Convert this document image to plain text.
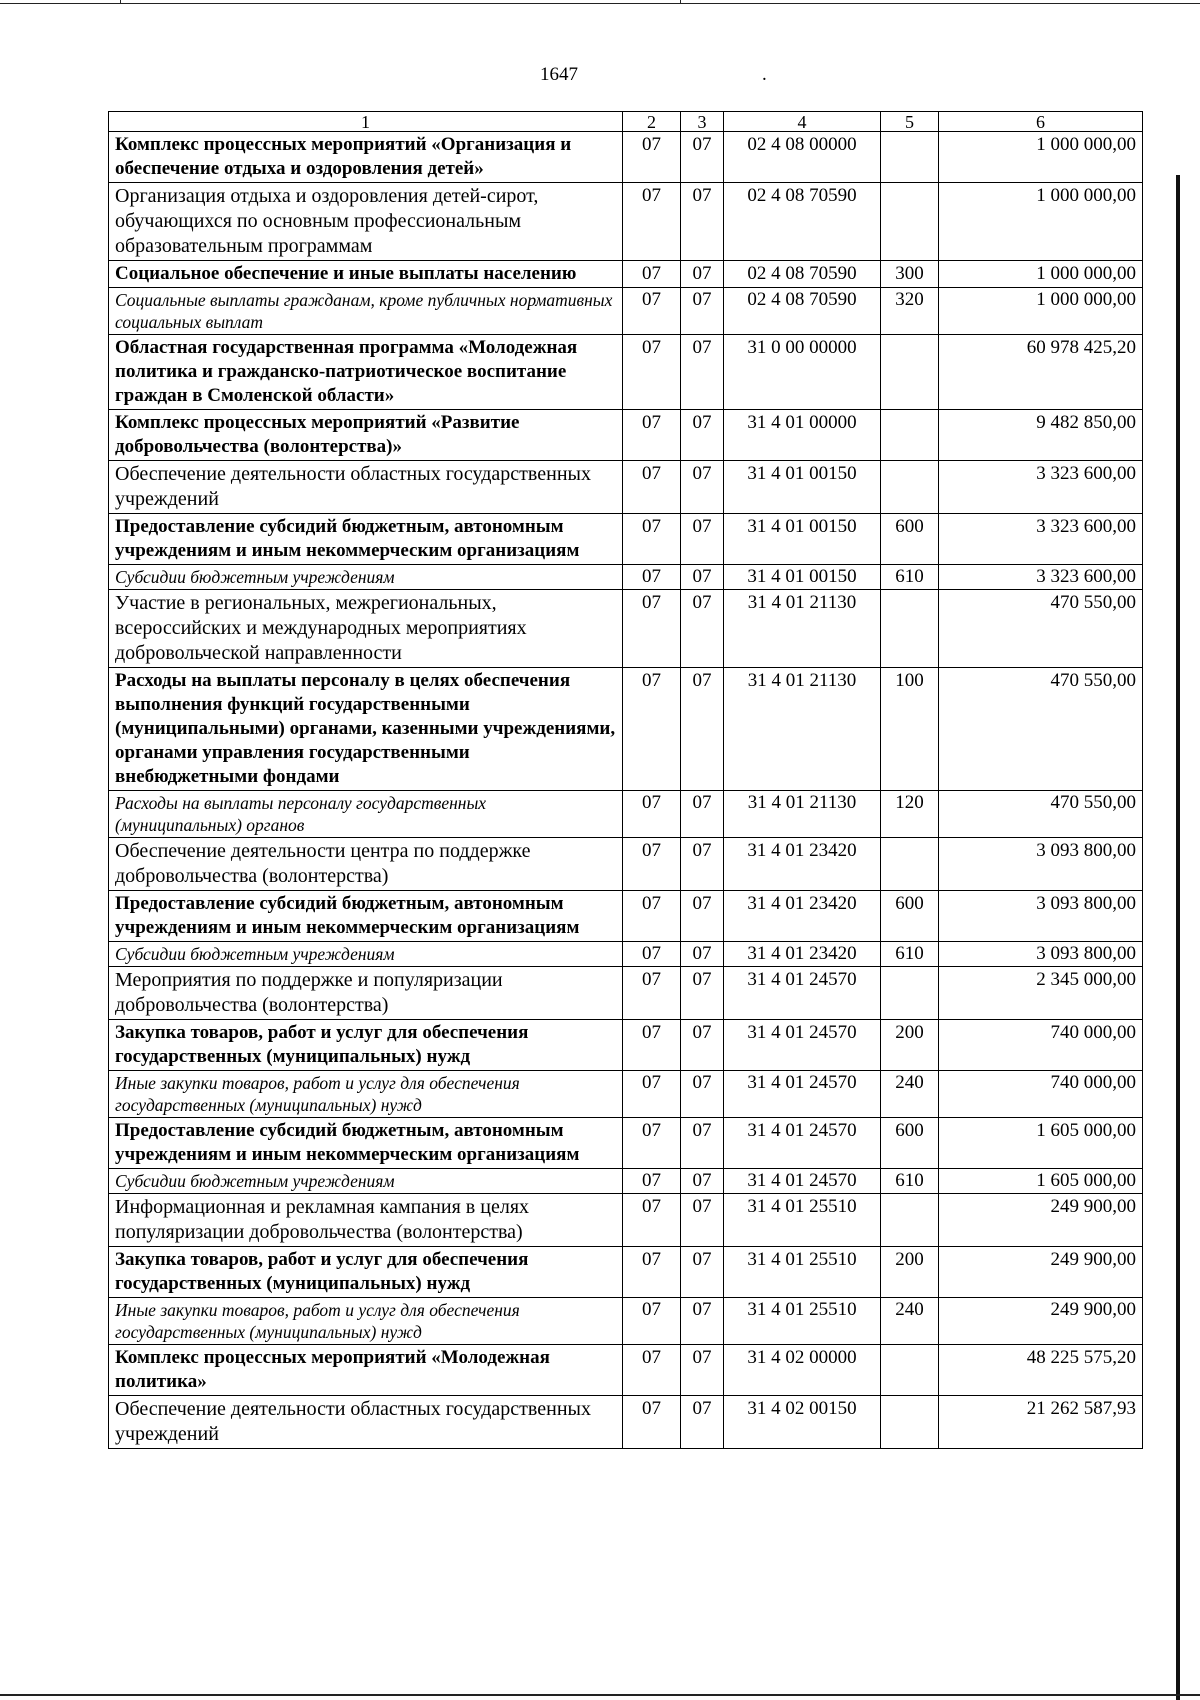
1647	.
1	2	3	4	5	6
Комплекс процессных мероприятий «Организация и обеспечение отдыха и оздоровления детей»	07	07	02 4 08 00000		1 000 000,00
Организация отдыха и оздоровления детей-сирот, обучающихся по основным профессиональным образовательным программам	07	07	02 4 08 70590		1 000 000,00
Социальное обеспечение и иные выплаты населению	07	07	02 4 08 70590	300	1 000 000,00
Социальные выплаты гражданам, кроме публичных нормативных социальных выплат	07	07	02 4 08 70590	320	1 000 000,00
Областная государственная программа «Молодежная политика и гражданско-патриотическое воспитание граждан в Смоленской области»	07	07	31 0 00 00000		60 978 425,20
Комплекс процессных мероприятий «Развитие добровольчества (волонтерства)»	07	07	31 4 01 00000		9 482 850,00
Обеспечение деятельности областных государственных учреждений	07	07	31 4 01 00150		3 323 600,00
Предоставление субсидий бюджетным, автономным учреждениям и иным некоммерческим организациям	07	07	31 4 01 00150	600	3 323 600,00
Субсидии бюджетным учреждениям	07	07	31 4 01 00150	610	3 323 600,00
Участие в региональных, межрегиональных, всероссийских и международных мероприятиях добровольческой направленности	07	07	31 4 01 21130		470 550,00
Расходы на выплаты персоналу в целях обеспечения выполнения функций государственными (муниципальными) органами, казенными учреждениями, органами управления государственными внебюджетными фондами	07	07	31 4 01 21130	100	470 550,00
Расходы на выплаты персоналу государственных (муниципальных) органов	07	07	31 4 01 21130	120	470 550,00
Обеспечение деятельности центра по поддержке добровольчества (волонтерства)	07	07	31 4 01 23420		3 093 800,00
Предоставление субсидий бюджетным, автономным учреждениям и иным некоммерческим организациям	07	07	31 4 01 23420	600	3 093 800,00
Субсидии бюджетным учреждениям	07	07	31 4 01 23420	610	3 093 800,00
Мероприятия по поддержке и популяризации добровольчества (волонтерства)	07	07	31 4 01 24570		2 345 000,00
Закупка товаров, работ и услуг для обеспечения государственных (муниципальных) нужд	07	07	31 4 01 24570	200	740 000,00
Иные закупки товаров, работ и услуг для обеспечения государственных (муниципальных) нужд	07	07	31 4 01 24570	240	740 000,00
Предоставление субсидий бюджетным, автономным учреждениям и иным некоммерческим организациям	07	07	31 4 01 24570	600	1 605 000,00
Субсидии бюджетным учреждениям	07	07	31 4 01 24570	610	1 605 000,00
Информационная и рекламная кампания в целях популяризации добровольчества (волонтерства)	07	07	31 4 01 25510		249 900,00
Закупка товаров, работ и услуг для обеспечения государственных (муниципальных) нужд	07	07	31 4 01 25510	200	249 900,00
Иные закупки товаров, работ и услуг для обеспечения государственных (муниципальных) нужд	07	07	31 4 01 25510	240	249 900,00
Комплекс процессных мероприятий «Молодежная политика»	07	07	31 4 02 00000		48 225 575,20
Обеспечение деятельности областных государственных учреждений	07	07	31 4 02 00150		21 262 587,93
